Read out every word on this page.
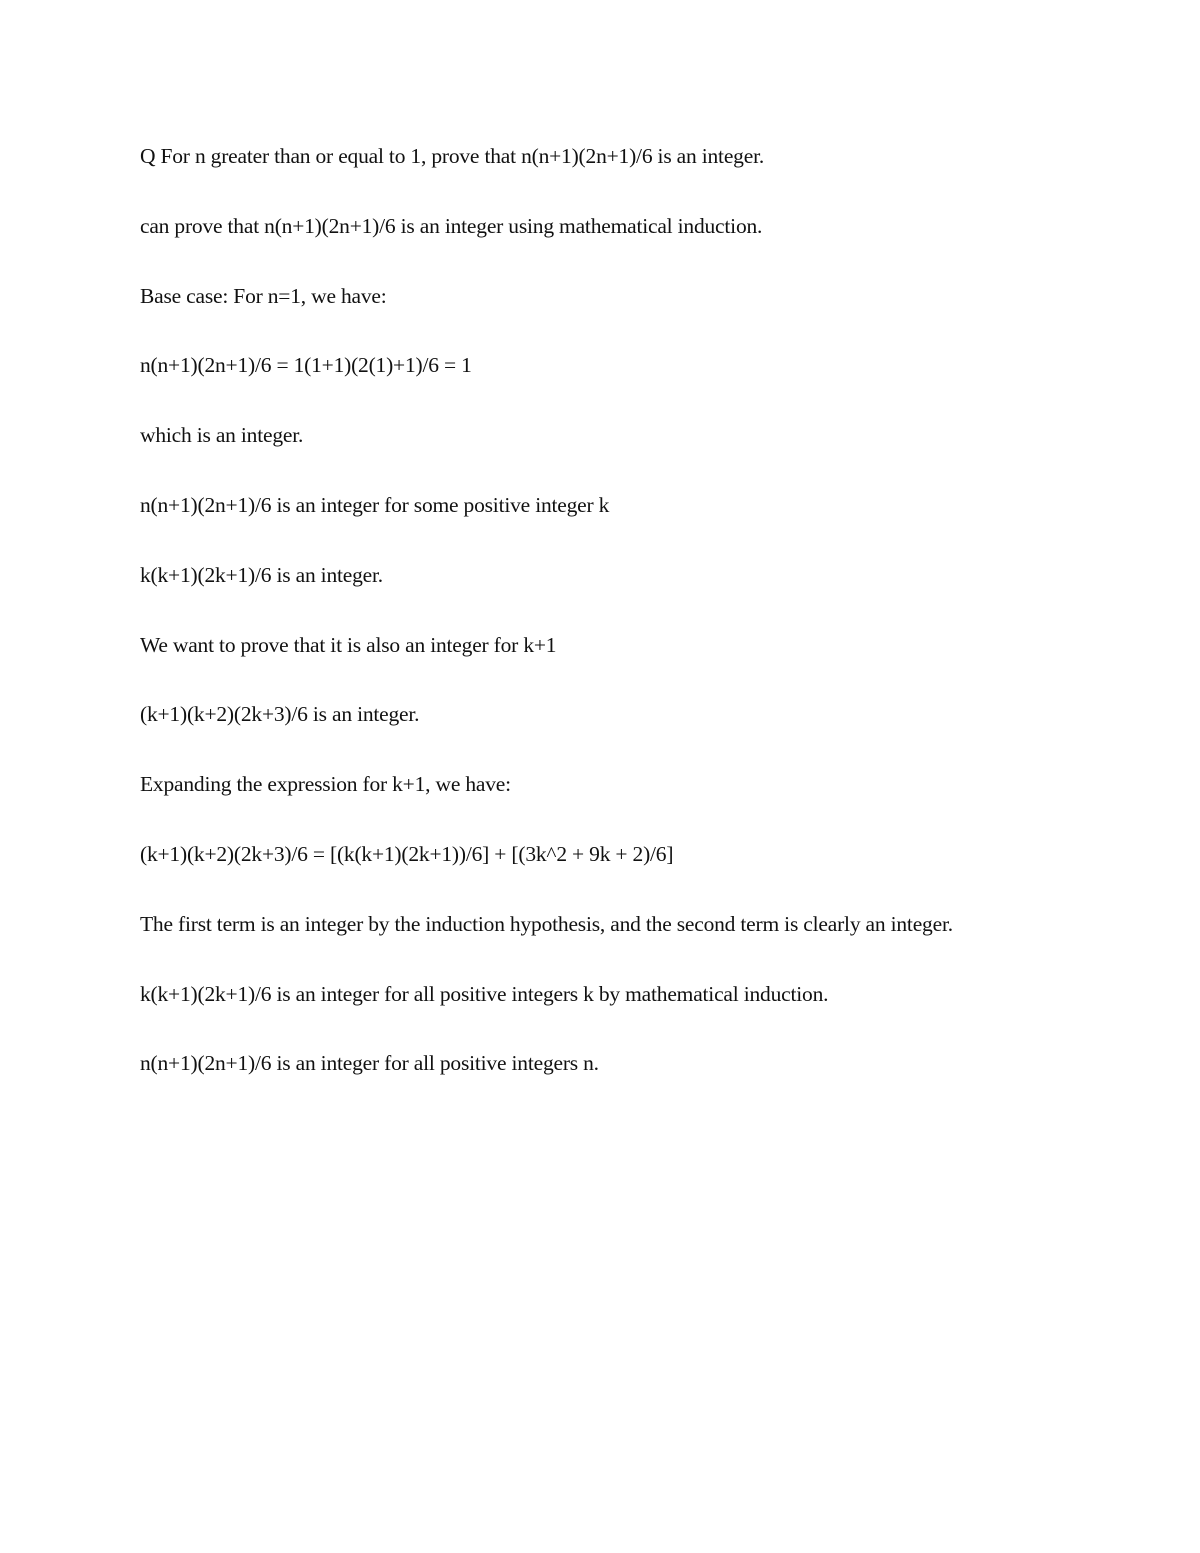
Q For n greater than or equal to 1, prove that n(n+1)(2n+1)/6 is an integer.

can prove that n(n+1)(2n+1)/6 is an integer using mathematical induction.

Base case: For n=1, we have:

n(n+1)(2n+1)/6 = 1(1+1)(2(1)+1)/6 = 1

which is an integer.

n(n+1)(2n+1)/6 is an integer for some positive integer k

k(k+1)(2k+1)/6 is an integer.

We want to prove that it is also an integer for k+1

(k+1)(k+2)(2k+3)/6 is an integer.

Expanding the expression for k+1, we have:

(k+1)(k+2)(2k+3)/6 = [(k(k+1)(2k+1))/6] + [(3k^2 + 9k + 2)/6]

The first term is an integer by the induction hypothesis, and the second term is clearly an integer.

k(k+1)(2k+1)/6 is an integer for all positive integers k by mathematical induction.

n(n+1)(2n+1)/6 is an integer for all positive integers n.
